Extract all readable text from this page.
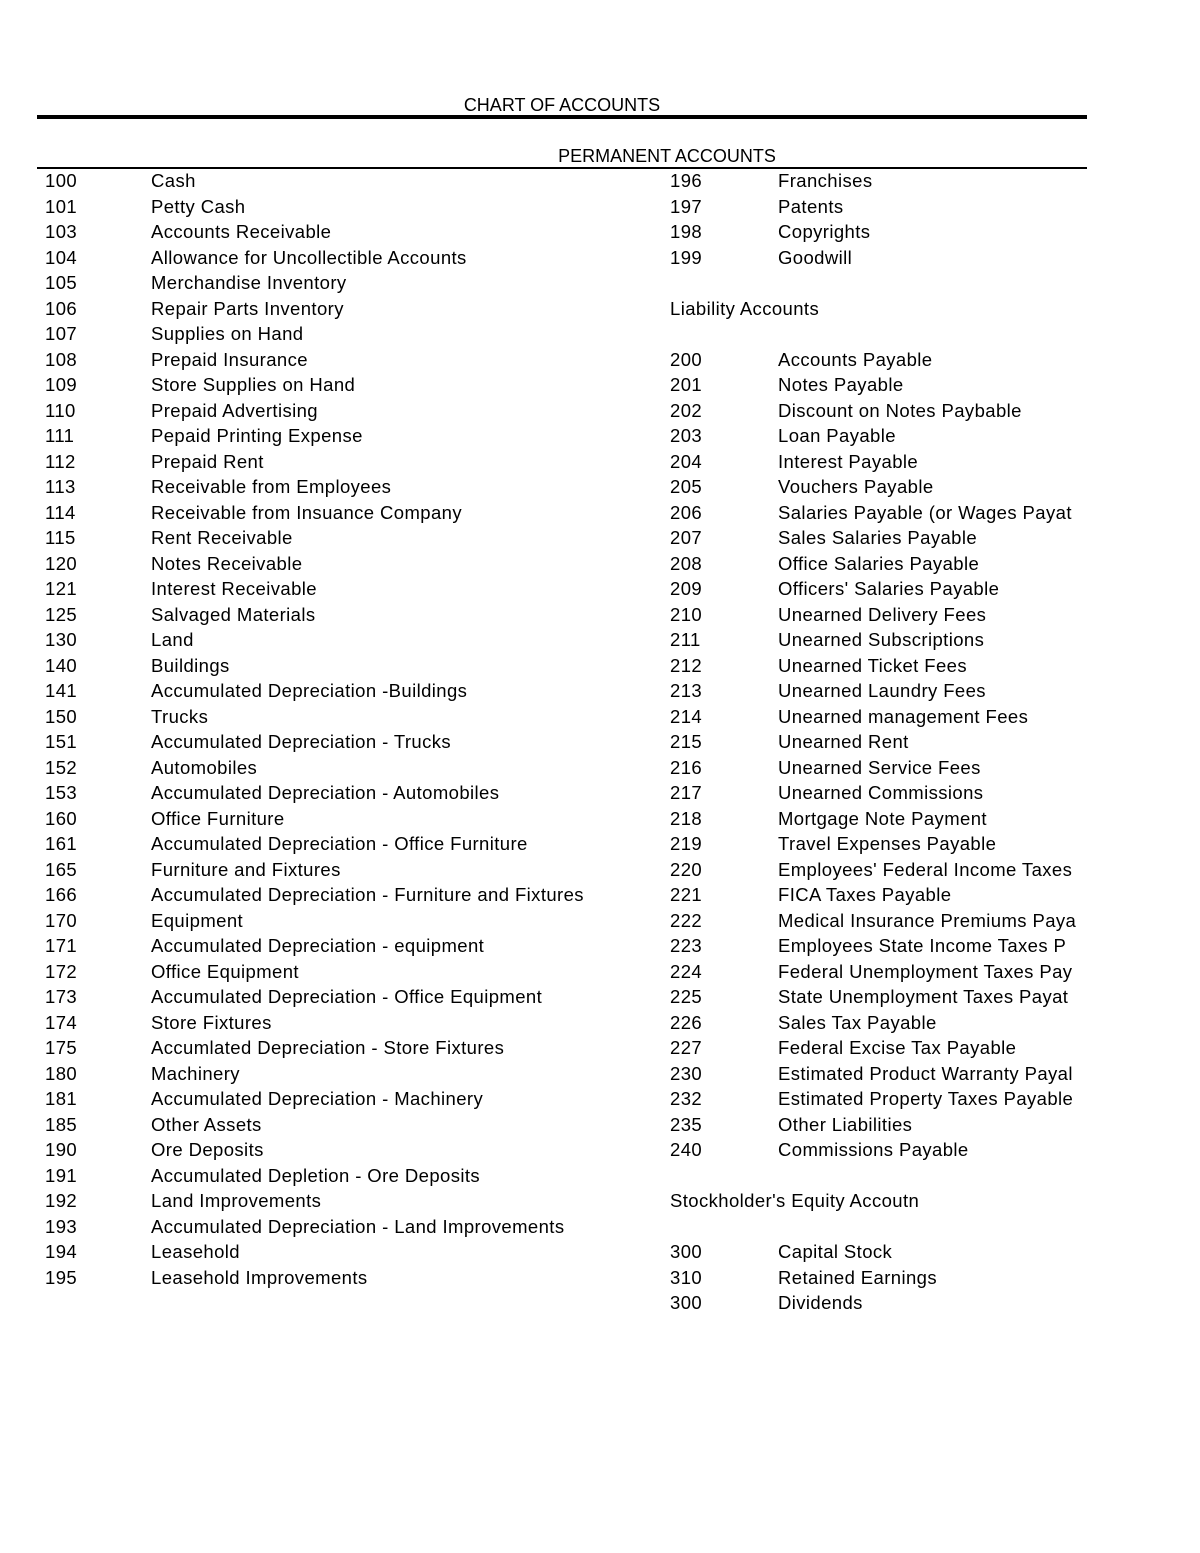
CHART OF ACCOUNTS
PERMANENT ACCOUNTS
100	Cash
101	Petty Cash
103	Accounts Receivable
104	Allowance for Uncollectible Accounts
105	Merchandise Inventory
106	Repair Parts Inventory
107	Supplies on Hand
108	Prepaid Insurance
109	Store Supplies on Hand
110	Prepaid Advertising
111	Pepaid Printing Expense
112	Prepaid Rent
113	Receivable from Employees
114	Receivable from Insuance Company
115	Rent Receivable
120	Notes Receivable
121	Interest Receivable
125	Salvaged Materials
130	Land
140	Buildings
141	Accumulated Depreciation -Buildings
150	Trucks
151	Accumulated Depreciation - Trucks
152	Automobiles
153	Accumulated Depreciation - Automobiles
160	Office Furniture
161	Accumulated Depreciation - Office Furniture
165	Furniture and Fixtures
166	Accumulated Depreciation - Furniture and Fixtures
170	Equipment
171	Accumulated Depreciation - equipment
172	Office Equipment
173	Accumulated Depreciation - Office Equipment
174	Store Fixtures
175	Accumlated Depreciation - Store Fixtures
180	Machinery
181	Accumulated Depreciation - Machinery
185	Other Assets
190	Ore Deposits
191	Accumulated Depletion - Ore Deposits
192	Land Improvements
193	Accumulated Depreciation - Land Improvements
194	Leasehold
195	Leasehold Improvements
196	Franchises
197	Patents
198	Copyrights
199	Goodwill
Liability Accounts
200	Accounts Payable
201	Notes Payable
202	Discount on Notes Paybable
203	Loan Payable
204	Interest Payable
205	Vouchers Payable
206	Salaries Payable (or Wages Payat
207	Sales Salaries Payable
208	Office Salaries Payable
209	Officers' Salaries Payable
210	Unearned Delivery Fees
211	Unearned Subscriptions
212	Unearned Ticket Fees
213	Unearned Laundry Fees
214	Unearned management Fees
215	Unearned Rent
216	Unearned Service Fees
217	Unearned Commissions
218	Mortgage Note Payment
219	Travel Expenses Payable
220	Employees' Federal Income Taxes
221	FICA Taxes Payable
222	Medical Insurance Premiums Paya
223	Employees State Income Taxes P
224	Federal Unemployment Taxes Pay
225	State Unemployment Taxes Payat
226	Sales Tax Payable
227	Federal Excise Tax Payable
230	Estimated Product Warranty Payal
232	Estimated Property Taxes Payable
235	Other Liabilities
240	Commissions Payable
Stockholder's Equity Accoutn
300	Capital Stock
310	Retained Earnings
300	Dividends
